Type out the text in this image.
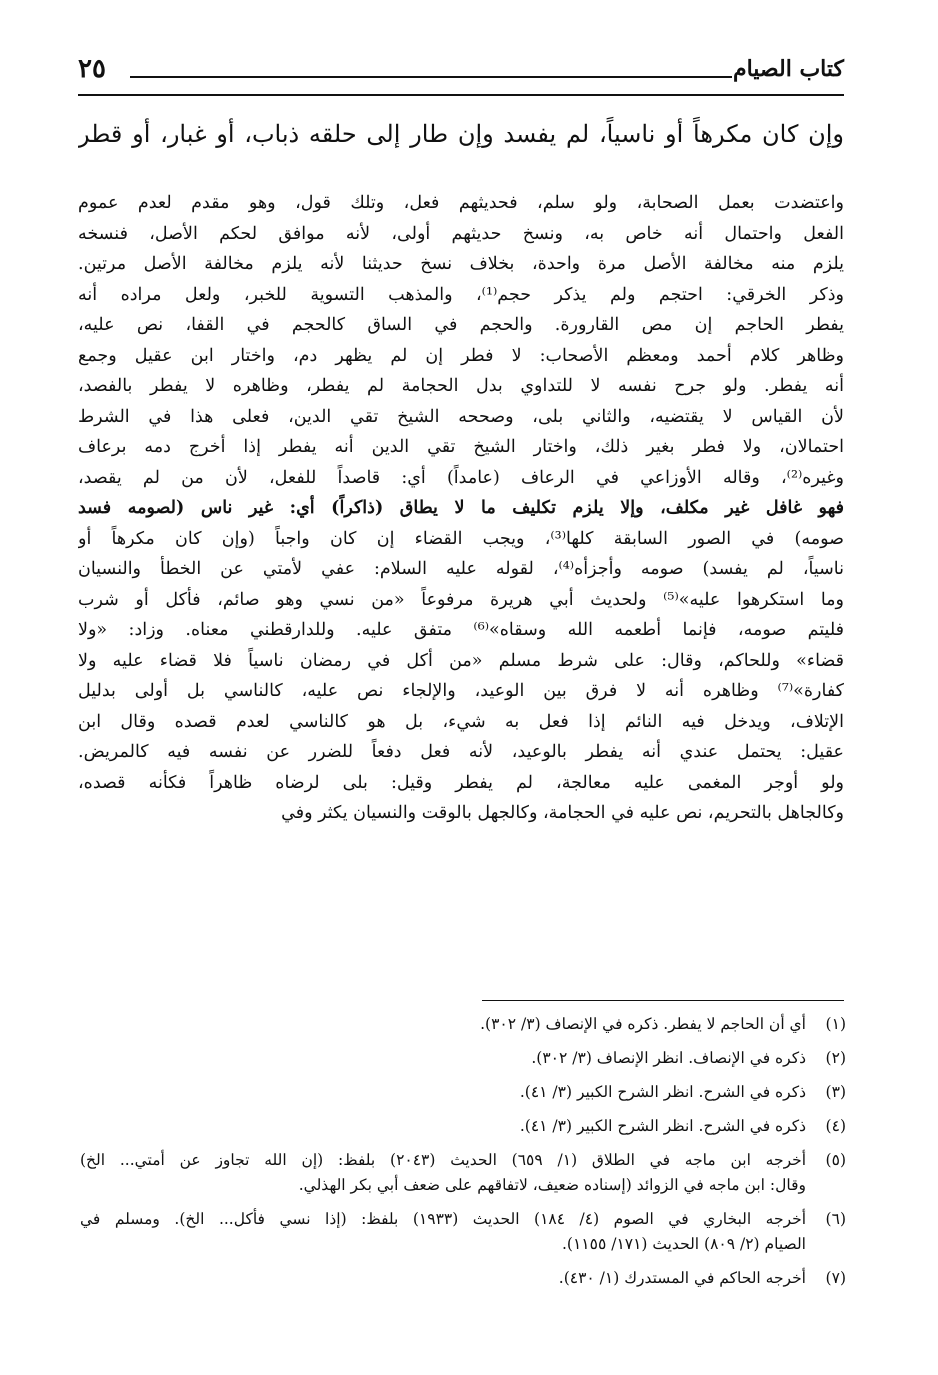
كتاب الصيام
٢٥
وإن كان مكرهاً أو ناسياً، لم يفسد وإن طار إلى حلقه ذباب، أو غبار، أو قطر
واعتضدت بعمل الصحابة، ولو سلم، فحديثهم فعل، وتلك قول، وهو مقدم لعدم عموم
الفعل واحتمال أنه خاص به، ونسخ حديثهم أولى، لأنه موافق لحكم الأصل، فنسخه
يلزم منه مخالفة الأصل مرة واحدة، بخلاف نسخ حديثنا لأنه يلزم مخالفة الأصل مرتين.
وذكر الخرقي: احتجم ولم يذكر حجم⁽¹⁾، والمذهب التسوية للخبر، ولعل مراده أنه
يفطر الحاجم إن مص القارورة. والحجم في الساق كالحجم في القفا، نص عليه،
وظاهر كلام أحمد ومعظم الأصحاب: لا فطر إن لم يظهر دم، واختار ابن عقيل وجمع
أنه يفطر. ولو جرح نفسه لا للتداوي بدل الحجامة لم يفطر، وظاهره لا يفطر بالفصد،
لأن القياس لا يقتضيه، والثاني بلى، وصححه الشيخ تقي الدين، فعلى هذا في الشرط
احتمالان، ولا فطر بغير ذلك، واختار الشيخ تقي الدين أنه يفطر إذا أخرج دمه برعاف
وغيره⁽²⁾، وقاله الأوزاعي في الرعاف (عامداً) أي: قاصداً للفعل، لأن من لم يقصد،
فهو غافل غير مكلف، وإلا يلزم تكليف ما لا يطاق (ذاكراً) أي: غير ناس (لصومه فسد
صومه) في الصور السابقة كلها⁽³⁾، ويجب القضاء إن كان واجباً (وإن كان مكرهاً أو
ناسياً، لم يفسد) صومه وأجزأه⁽⁴⁾، لقوله عليه السلام: عفي لأمتي عن الخطأ والنسيان
وما استكرهوا عليه»⁽⁵⁾ ولحديث أبي هريرة مرفوعاً «من نسي وهو صائم، فأكل أو شرب
فليتم صومه، فإنما أطعمه الله وسقاه»⁽⁶⁾ متفق عليه. وللدارقطني معناه. وزاد: «ولا
قضاء» وللحاكم، وقال: على شرط مسلم «من أكل في رمضان ناسياً فلا قضاء عليه ولا
كفارة»⁽⁷⁾ وظاهره أنه لا فرق بين الوعيد، والإلجاء نص عليه، كالناسي بل أولى بدليل
الإتلاف، ويدخل فيه النائم إذا فعل به شيء، بل هو كالناسي لعدم قصده وقال ابن
عقيل: يحتمل عندي أنه يفطر بالوعيد، لأنه فعل دفعاً للضرر عن نفسه فيه كالمريض.
ولو أوجر المغمى عليه معالجة، لم يفطر وقيل: بلى لرضاه ظاهراً فكأنه قصده،
وكالجاهل بالتحريم، نص عليه في الحجامة، وكالجهل بالوقت والنسيان يكثر وفي
(١)
أي أن الحاجم لا يفطر. ذكره في الإنصاف (٣/ ٣٠٢).
(٢)
ذكره في الإنصاف. انظر الإنصاف (٣/ ٣٠٢).
(٣)
ذكره في الشرح. انظر الشرح الكبير (٣/ ٤١).
(٤)
ذكره في الشرح. انظر الشرح الكبير (٣/ ٤١).
(٥)
أخرجه ابن ماجه في الطلاق (١/ ٦٥٩) الحديث (٢٠٤٣) بلفظ: (إن الله تجاوز عن أمتي... الخ)
وقال: ابن ماجه في الزوائد (إسناده ضعيف، لاتفاقهم على ضعف أبي بكر الهذلي.
(٦)
أخرجه البخاري في الصوم (٤/ ١٨٤) الحديث (١٩٣٣) بلفظ: (إذا نسي فأكل... الخ). ومسلم في
الصيام (٢/ ٨٠٩) الحديث (١٧١/ ١١٥٥).
(٧)
أخرجه الحاكم في المستدرك (١/ ٤٣٠).
